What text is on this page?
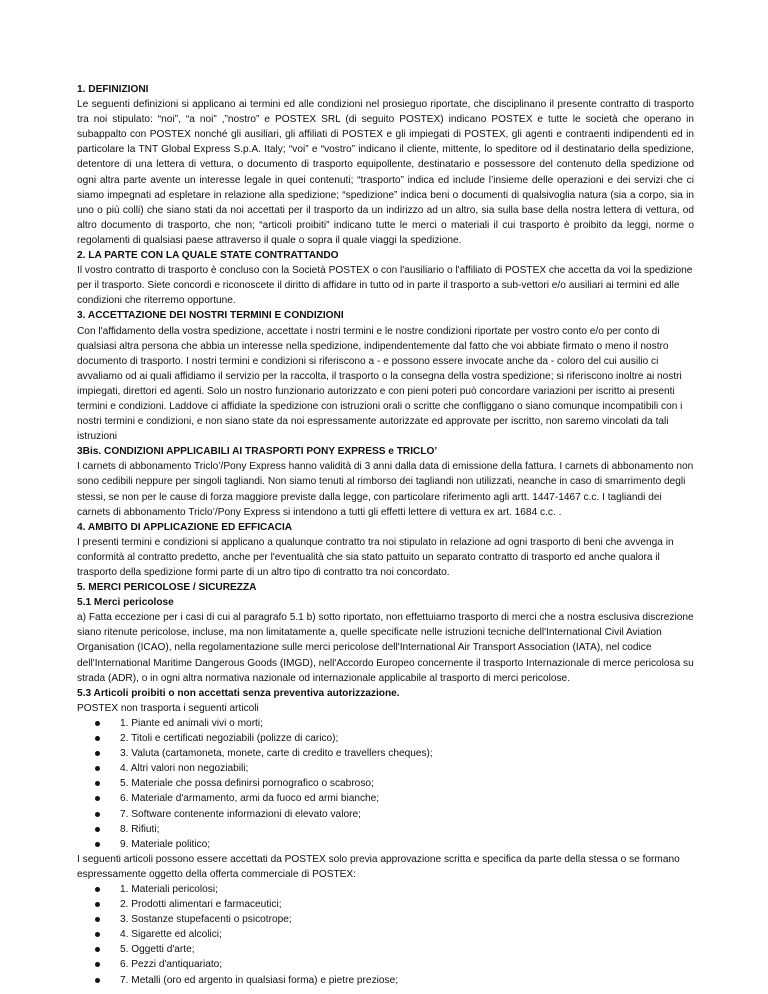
1. DEFINIZIONI

Le seguenti definizioni si applicano ai termini ed alle condizioni nel prosieguo riportate, che disciplinano il presente contratto di trasporto tra noi stipulato: “noi”, “a noi” ,”nostro” e POSTEX SRL (di seguito POSTEX) indicano POSTEX e tutte le società che operano in subappalto con POSTEX nonché gli ausiliari, gli affiliati di POSTEX e gli impiegati di POSTEX, gli agenti e contraenti indipendenti ed in particolare la TNT Global Express S.p.A. Italy; “voi” e “vostro” indicano il cliente, mittente, lo speditore od il destinatario della spedizione, detentore di una lettera di vettura, o documento di trasporto equipollente, destinatario e possessore del contenuto della spedizione od ogni altra parte avente un interesse legale in quei contenuti; “trasporto” indica ed include l’insieme delle operazioni e dei servizi che ci siamo impegnati ad espletare in relazione alla spedizione; “spedizione” indica beni o documenti di qualsivoglia natura (sia a corpo, sia in uno o più colli) che siano stati da noi accettati per il trasporto da un indirizzo ad un altro, sia sulla base della nostra lettera di vettura, od altro documento di trasporto, che non; “articoli proibiti” indicano tutte le merci o materiali il cui trasporto è proibito da leggi, norme o regolamenti di qualsiasi paese attraverso il quale o sopra il quale viaggi la spedizione.

2. LA PARTE CON LA QUALE STATE CONTRATTANDO

Il vostro contratto di trasporto è concluso con la Società POSTEX o con l'ausiliario o l'affiliato di POSTEX che accetta da voi la spedizione per il trasporto. Siete concordi e riconoscete il diritto di affidare in tutto od in parte il trasporto a sub-vettori e/o ausiliari ai termini ed alle condizioni che riterremo opportune.

3. ACCETTAZIONE DEI NOSTRI TERMINI E CONDIZIONI

Con l'affidamento della vostra spedizione, accettate i nostri termini e le nostre condizioni riportate per vostro conto e/o per conto di qualsiasi altra persona che abbia un interesse nella spedizione, indipendentemente dal fatto che voi abbiate firmato o meno il nostro documento di trasporto. I nostri termini e condizioni si riferiscono a - e possono essere invocate anche da - coloro del cui ausilio ci avvaliamo od ai quali affidiamo il servizio per la raccolta, il trasporto o la consegna della vostra spedizione; si riferiscono inoltre ai nostri impiegati, direttori ed agenti. Solo un nostro funzionario autorizzato e con pieni poteri può concordare variazioni per iscritto ai presenti termini e condizioni. Laddove ci affidiate la spedizione con istruzioni orali o scritte che confliggano o siano comunque incompatibili con i nostri termini e condizioni, e non siano state da noi espressamente autorizzate ed approvate per iscritto, non saremo vincolati da tali istruzioni

3Bis. CONDIZIONI APPLICABILI AI TRASPORTI PONY EXPRESS e TRICLO’

I carnets di abbonamento Triclo’/Pony Express hanno validità di 3 anni dalla data di emissione della fattura. I carnets di abbonamento non sono cedibili neppure per singoli tagliandi. Non siamo tenuti al rimborso dei tagliandi non utilizzati, neanche in caso di smarrimento degli stessi, se non per le cause di forza maggiore previste dalla legge, con particolare riferimento agli artt. 1447-1467 c.c. I tagliandi dei carnets di abbonamento Triclo’/Pony Express si intendono a tutti gli effetti lettere di vettura ex art. 1684 c.c. .

4. AMBITO DI APPLICAZIONE ED EFFICACIA

I presenti termini e condizioni si applicano a qualunque contratto tra noi stipulato in relazione ad ogni trasporto di beni che avvenga in conformità al contratto predetto, anche per l'eventualità che sia stato pattuito un separato contratto di trasporto ed anche qualora il trasporto della spedizione formi parte di un altro tipo di contratto tra noi concordato.

5. MERCI PERICOLOSE / SICUREZZA
5.1 Merci pericolose

a) Fatta eccezione per i casi di cui al paragrafo 5.1 b) sotto riportato, non effettuiamo trasporto di merci che a nostra esclusiva discrezione siano ritenute pericolose, incluse, ma non limitatamente a, quelle specificate nelle istruzioni tecniche dell'International Civil Aviation Organisation (ICAO), nella regolamentazione sulle merci pericolose dell'International Air Transport Association (IATA), nel codice dell'International Maritime Dangerous Goods (IMGD), nell'Accordo Europeo concernente il trasporto Internazionale di merce pericolosa su strada (ADR), o in ogni altra normativa nazionale od internazionale applicabile al trasporto di merci pericolose.

5.3 Articoli proibiti o non accettati senza preventiva autorizzazione.

POSTEX non trasporta i seguenti articoli

1. Piante ed animali vivi o morti;
2. Titoli e certificati negoziabili (polizze di carico);
3. Valuta (cartamoneta, monete, carte di credito e travellers cheques);
4. Altri valori non negoziabili;
5. Materiale che possa definirsi pornografico o scabroso;
6. Materiale d'armamento, armi da fuoco ed armi bianche;
7. Software contenente informazioni di elevato valore;
8. Rifiuti;
9. Materiale politico;

I seguenti articoli possono essere accettati da POSTEX solo previa approvazione scritta e specifica da parte della stessa o se formano espressamente oggetto della offerta commerciale di POSTEX:

1. Materiali pericolosi;
2. Prodotti alimentari e farmaceutici;
3. Sostanze stupefacenti o psicotrope;
4. Sigarette ed alcolici;
5. Oggetti d'arte;
6. Pezzi d'antiquariato;
7. Metalli (oro ed argento in qualsiasi forma) e pietre preziose;
